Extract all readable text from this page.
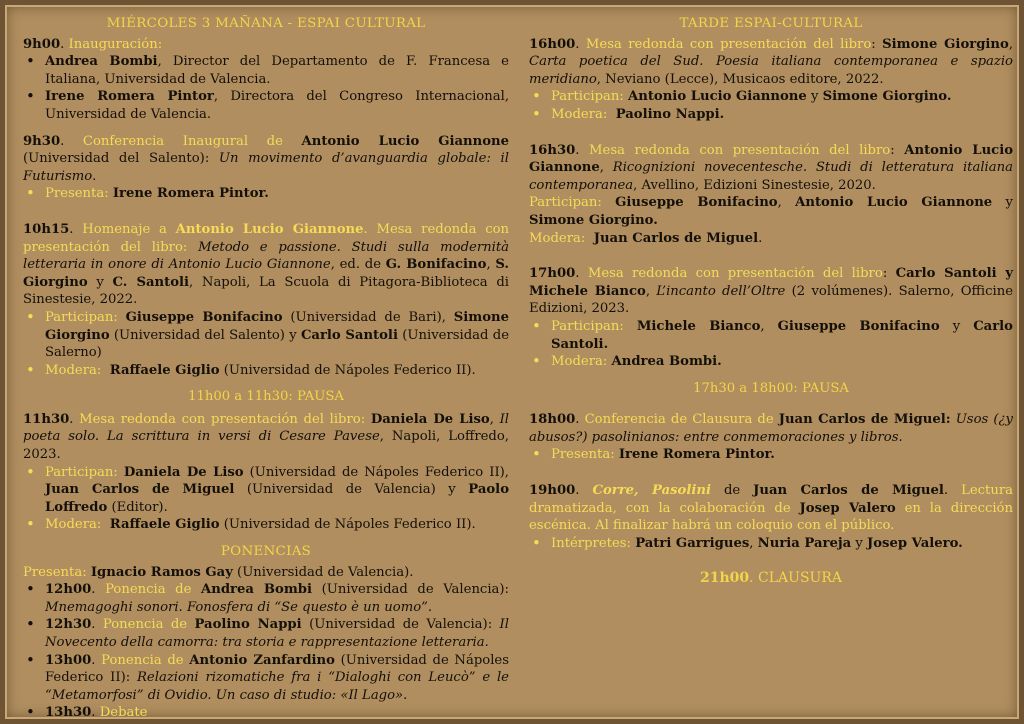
MIÉRCOLES 3 MAÑANA - ESPAI CULTURAL

9h00. Inauguración:

• Andrea Bombi, Director del Departamento de F. Francesa e Italiana, Universidad de Valencia.
• Irene Romera Pintor, Directora del Congreso Internacional, Universidad de Valencia.

9h30. Conferencia Inaugural de Antonio Lucio Giannone (Universidad del Salento): Un movimento d’avanguardia globale: il Futurismo.

• Presenta: Irene Romera Pintor.

10h15. Homenaje a Antonio Lucio Giannone. Mesa redonda con presentación del libro: Metodo e passione. Studi sulla modernità letteraria in onore di Antonio Lucio Giannone, ed. de G. Bonifacino, S. Giorgino y C. Santoli, Napoli, La Scuola di Pitagora-Biblioteca di Sinestesie, 2022.

• Participan: Giuseppe Bonifacino (Universidad de Bari), Simone Giorgino (Universidad del Salento) y Carlo Santoli (Universidad de Salerno)
• Modera: Raffaele Giglio (Universidad de Nápoles Federico II).
11h00 a 11h30: PAUSA

11h30. Mesa redonda con presentación del libro: Daniela De Liso, Il poeta solo. La scrittura in versi di Cesare Pavese, Napoli, Loffredo, 2023.

• Participan: Daniela De Liso (Universidad de Nápoles Federico II), Juan Carlos de Miguel (Universidad de Valencia) y Paolo Loffredo (Editor).
• Modera: Raffaele Giglio (Universidad de Nápoles Federico II).
PONENCIAS

Presenta: Ignacio Ramos Gay (Universidad de Valencia).

• 12h00. Ponencia de Andrea Bombi (Universidad de Valencia): Mnemagoghi sonori. Fonosfera di “Se questo è un uomo”.
• 12h30. Ponencia de Paolino Nappi (Universidad de Valencia): Il Novecento della camorra: tra storia e rappresentazione letteraria.
• 13h00. Ponencia de Antonio Zanfardino (Universidad de Nápoles Federico II): Relazioni rizomatiche fra i “Dialoghi con Leucò” e le “Metamorfosi” di Ovidio. Un caso di studio: «Il Lago».
• 13h30. Debate
TARDE ESPAI-CULTURAL

16h00. Mesa redonda con presentación del libro: Simone Giorgino, Carta poetica del Sud. Poesia italiana contemporanea e spazio meridiano, Neviano (Lecce), Musicaos editore, 2022.

• Participan: Antonio Lucio Giannone y Simone Giorgino.
• Modera: Paolino Nappi.

16h30. Mesa redonda con presentación del libro: Antonio Lucio Giannone, Ricognizioni novecentesche. Studi di letteratura italiana contemporanea, Avellino, Edizioni Sinestesie, 2020.

Participan: Giuseppe Bonifacino, Antonio Lucio Giannone y Simone Giorgino.

Modera: Juan Carlos de Miguel.

17h00. Mesa redonda con presentación del libro: Carlo Santoli y Michele Bianco, L’incanto dell’Oltre (2 volúmenes). Salerno, Officine Edizioni, 2023.

• Participan: Michele Bianco, Giuseppe Bonifacino y Carlo Santoli.
• Modera: Andrea Bombi.
17h30 a 18h00: PAUSA

18h00. Conferencia de Clausura de Juan Carlos de Miguel: Usos (¿y abusos?) pasolinianos: entre conmemoraciones y libros.

• Presenta: Irene Romera Pintor.

19h00. Corre, Pasolini de Juan Carlos de Miguel. Lectura dramatizada, con la colaboración de Josep Valero en la dirección escénica. Al finalizar habrá un coloquio con el público.

• Intérpretes: Patri Garrigues, Nuria Pareja y Josep Valero.
21h00. CLAUSURA
